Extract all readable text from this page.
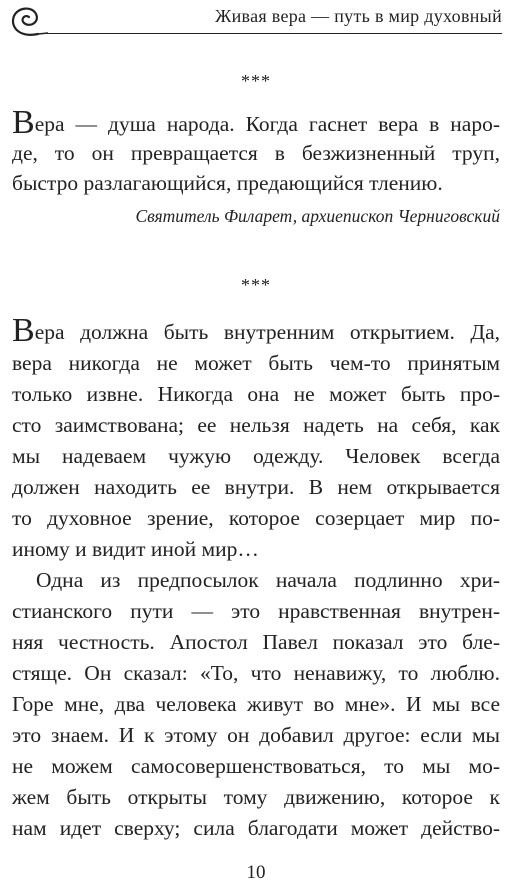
Живая вера — путь в мир духовный
***
Вера — душа народа. Когда гаснет вера в наро-
де, то он превращается в безжизненный труп,
быстро разлагающийся, предающийся тлению.
Святитель Филарет, архиепископ Черниговский
***
Вера должна быть внутренним открытием. Да,
вера никогда не может быть чем-то принятым
только извне. Никогда она не может быть про-
сто заимствована; ее нельзя надеть на себя, как
мы надеваем чужую одежду. Человек всегда
должен находить ее внутри. В нем открывается
то духовное зрение, которое созерцает мир по-
иному и видит иной мир…
Одна из предпосылок начала подлинно хри-
стианского пути — это нравственная внутрен-
няя честность. Апостол Павел показал это бле-
стяще. Он сказал: «То, что ненавижу, то люблю.
Горе мне, два человека живут во мне». И мы все
это знаем. И к этому он добавил другое: если мы
не можем самосовершенствоваться, то мы мо-
жем быть открыты тому движению, которое к
нам идет сверху; сила благодати может действо-
10
